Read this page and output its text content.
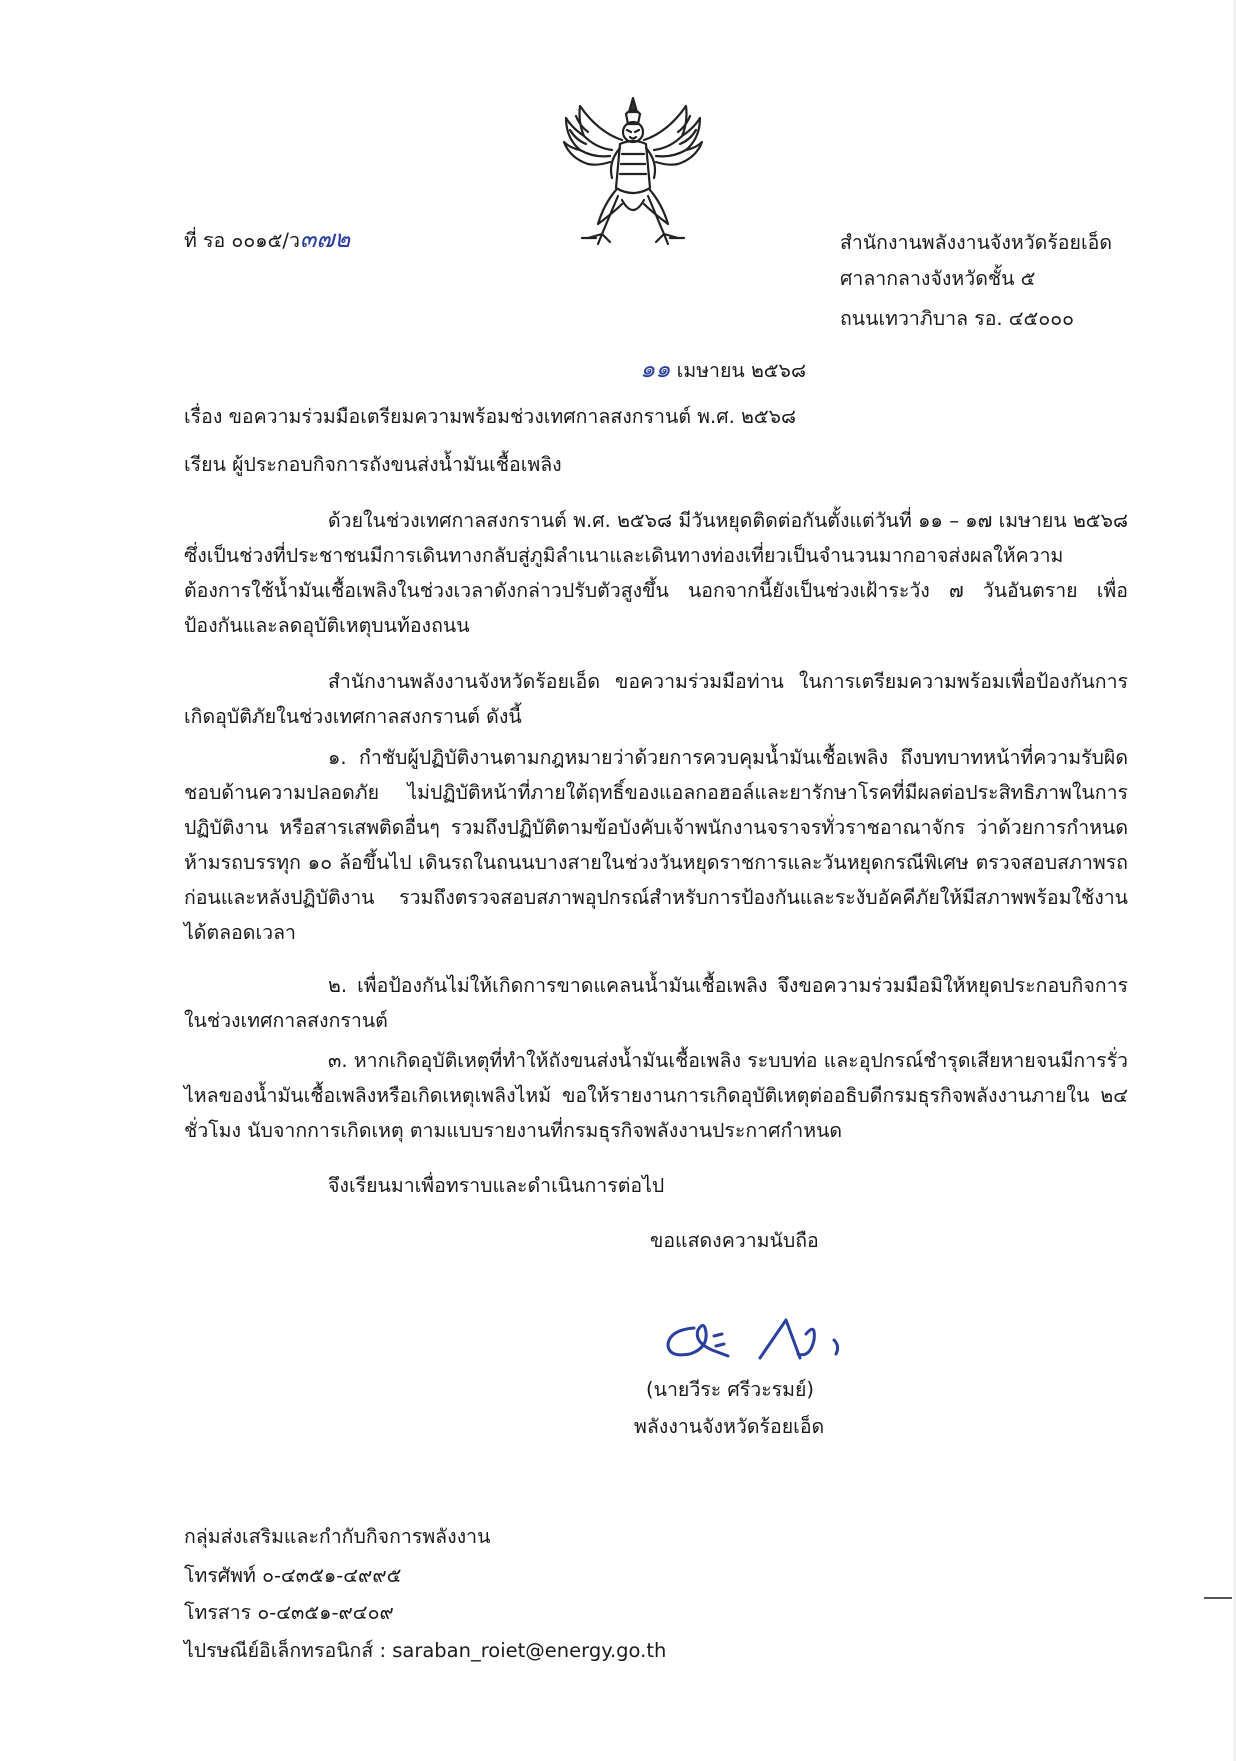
ที่ รอ ๐๐๑๕/ว๓๗๒	สำนักงานพลังงานจังหวัดร้อยเอ็ด
ศาลากลางจังหวัดชั้น ๕
ถนนเทวาภิบาล รอ. ๔๕๐๐๐
๑๑ เมษายน ๒๕๖๘
เรื่อง ขอความร่วมมือเตรียมความพร้อมช่วงเทศกาลสงกรานต์ พ.ศ. ๒๕๖๘
เรียน ผู้ประกอบกิจการถังขนส่งน้ำมันเชื้อเพลิง
ด้วยในช่วงเทศกาลสงกรานต์ พ.ศ. ๒๕๖๘ มีวันหยุดติดต่อกันตั้งแต่วันที่ ๑๑ – ๑๗ เมษายน ๒๕๖๘ ซึ่งเป็นช่วงที่ประชาชนมีการเดินทางกลับสู่ภูมิลำเนาและเดินทางท่องเที่ยวเป็นจำนวนมากอาจส่งผลให้ความต้องการใช้น้ำมันเชื้อเพลิงในช่วงเวลาดังกล่าวปรับตัวสูงขึ้น นอกจากนี้ยังเป็นช่วงเฝ้าระวัง ๗ วันอันตราย เพื่อป้องกันและลดอุบัติเหตุบนท้องถนน
สำนักงานพลังงานจังหวัดร้อยเอ็ด ขอความร่วมมือท่าน ในการเตรียมความพร้อมเพื่อป้องกันการเกิดอุบัติภัยในช่วงเทศกาลสงกรานต์ ดังนี้
๑. กำชับผู้ปฏิบัติงานตามกฎหมายว่าด้วยการควบคุมน้ำมันเชื้อเพลิง ถึงบทบาทหน้าที่ความรับผิดชอบด้านความปลอดภัย ไม่ปฏิบัติหน้าที่ภายใต้ฤทธิ์ของแอลกอฮอล์และยารักษาโรคที่มีผลต่อประสิทธิภาพในการปฏิบัติงาน หรือสารเสพติดอื่นๆ รวมถึงปฏิบัติตามข้อบังคับเจ้าพนักงานจราจรทั่วราชอาณาจักร ว่าด้วยการกำหนดห้ามรถบรรทุก ๑๐ ล้อขึ้นไป เดินรถในถนนบางสายในช่วงวันหยุดราชการและวันหยุดกรณีพิเศษ ตรวจสอบสภาพรถก่อนและหลังปฏิบัติงาน รวมถึงตรวจสอบสภาพอุปกรณ์สำหรับการป้องกันและระงับอัคคีภัยให้มีสภาพพร้อมใช้งานได้ตลอดเวลา
๒. เพื่อป้องกันไม่ให้เกิดการขาดแคลนน้ำมันเชื้อเพลิง จึงขอความร่วมมือมิให้หยุดประกอบกิจการในช่วงเทศกาลสงกรานต์
๓. หากเกิดอุบัติเหตุที่ทำให้ถังขนส่งน้ำมันเชื้อเพลิง ระบบท่อ และอุปกรณ์ชำรุดเสียหายจนมีการรั่วไหลของน้ำมันเชื้อเพลิงหรือเกิดเหตุเพลิงไหม้ ขอให้รายงานการเกิดอุบัติเหตุต่ออธิบดีกรมธุรกิจพลังงานภายใน ๒๔ ชั่วโมง นับจากการเกิดเหตุ ตามแบบรายงานที่กรมธุรกิจพลังงานประกาศกำหนด
จึงเรียนมาเพื่อทราบและดำเนินการต่อไป
ขอแสดงความนับถือ
(นายวีระ ศรีวะรมย์)
พลังงานจังหวัดร้อยเอ็ด
กลุ่มส่งเสริมและกำกับกิจการพลังงาน
โทรศัพท์ ๐-๔๓๕๑-๔๙๙๕
โทรสาร ๐-๔๓๕๑-๙๔๐๙
ไปรษณีย์อิเล็กทรอนิกส์ : saraban_roiet@energy.go.th
